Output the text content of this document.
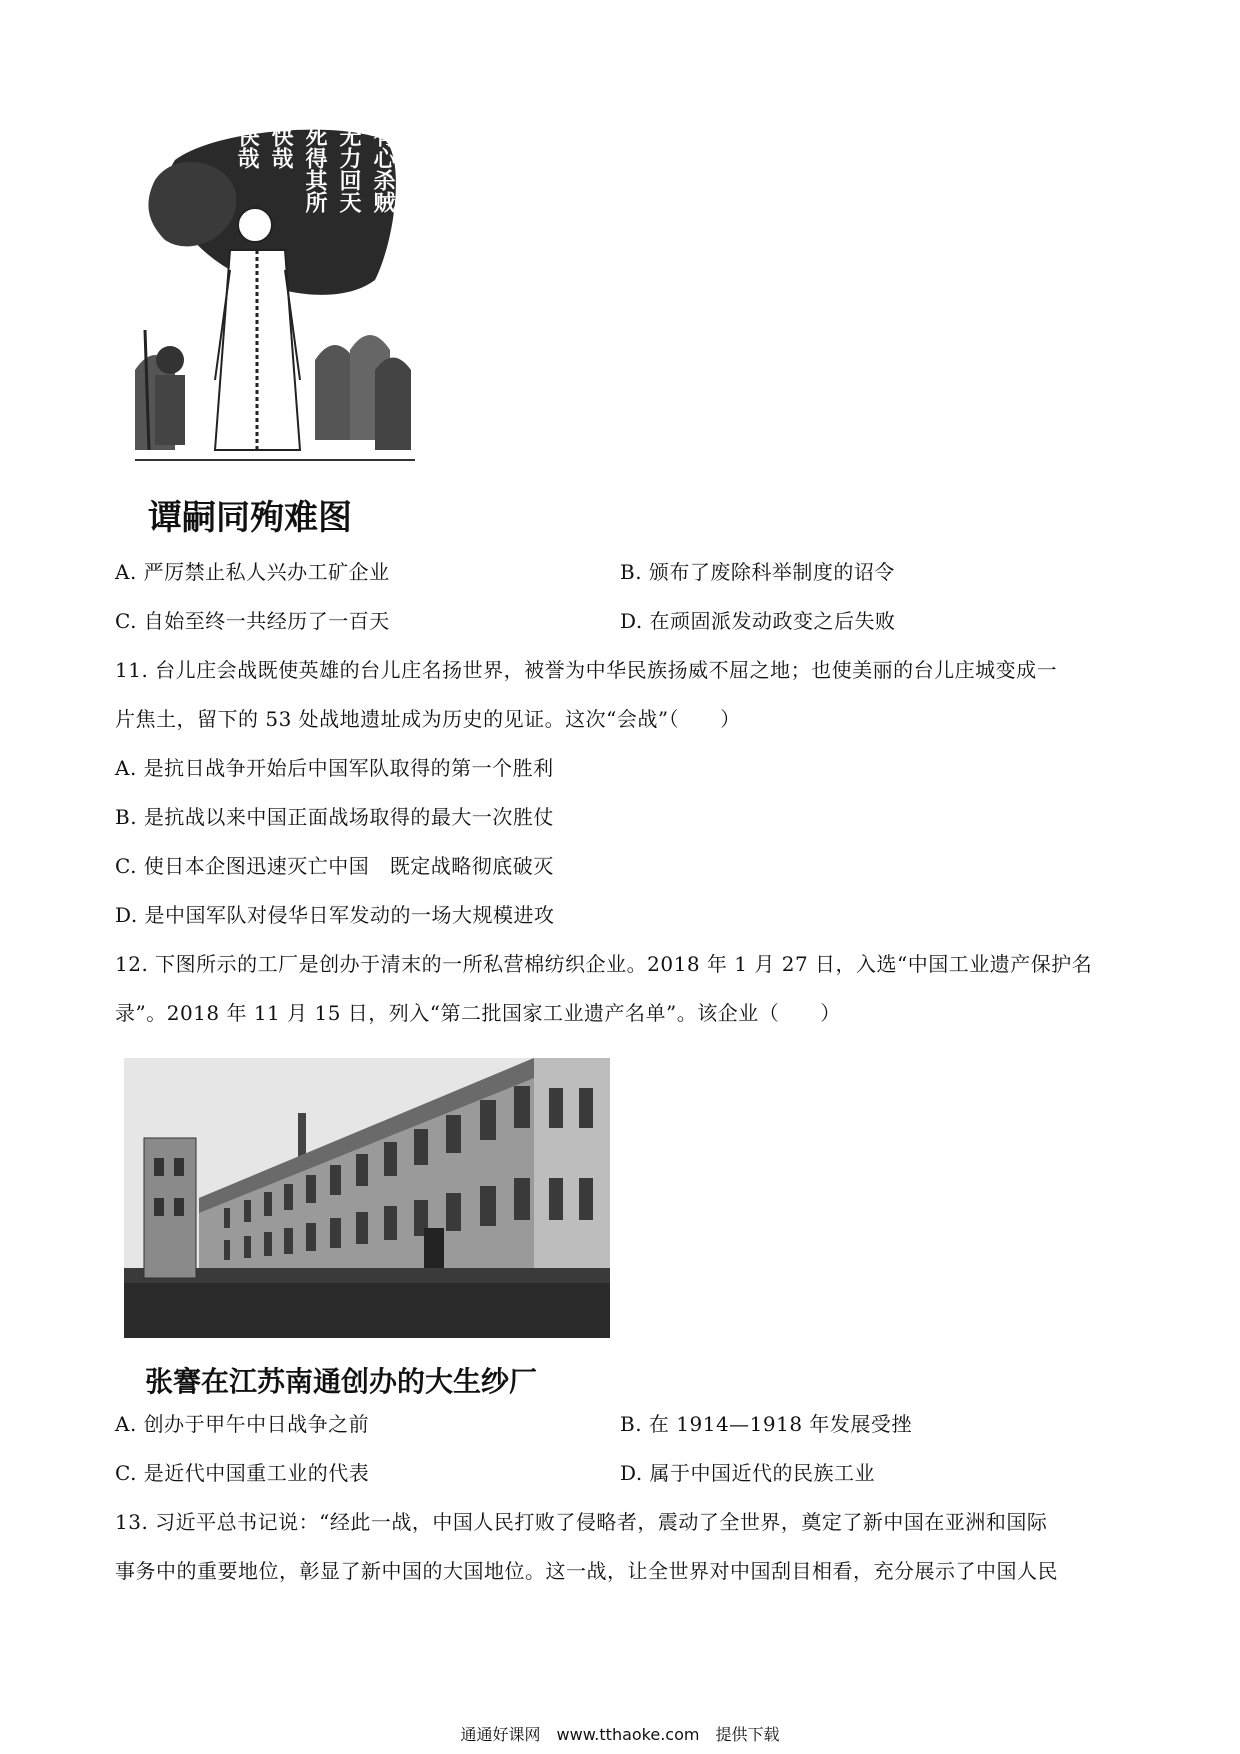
有心杀贼
无力回天
死得其所
快哉
快哉
谭嗣同殉难图
A. 严厉禁止私人兴办工矿企业	B. 颁布了废除科举制度的诏令
C. 自始至终一共经历了一百天	D. 在顽固派发动政变之后失败
11. 台儿庄会战既使英雄的台儿庄名扬世界，被誉为中华民族扬威不屈之地；也使美丽的台儿庄城变成一
片焦土，留下的 53 处战地遗址成为历史的见证。这次“会战”（　　）
A. 是抗日战争开始后中国军队取得的第一个胜利
B. 是抗战以来中国正面战场取得的最大一次胜仗
C. 使日本企图迅速灭亡中国　既定战略彻底破灭
D. 是中国军队对侵华日军发动的一场大规模进攻
12. 下图所示的工厂是创办于清末的一所私营棉纺织企业。2018 年 1 月 27 日，入选“中国工业遗产保护名
录”。2018 年 11 月 15 日，列入“第二批国家工业遗产名单”。该企业（　　）
张謇在江苏南通创办的大生纱厂
A. 创办于甲午中日战争之前	B. 在 1914—1918 年发展受挫
C. 是近代中国重工业的代表	D. 属于中国近代的民族工业
13. 习近平总书记说：“经此一战，中国人民打败了侵略者，震动了全世界，奠定了新中国在亚洲和国际
事务中的重要地位，彰显了新中国的大国地位。这一战，让全世界对中国刮目相看，充分展示了中国人民
通通好课网　www.tthaoke.com　提供下载
